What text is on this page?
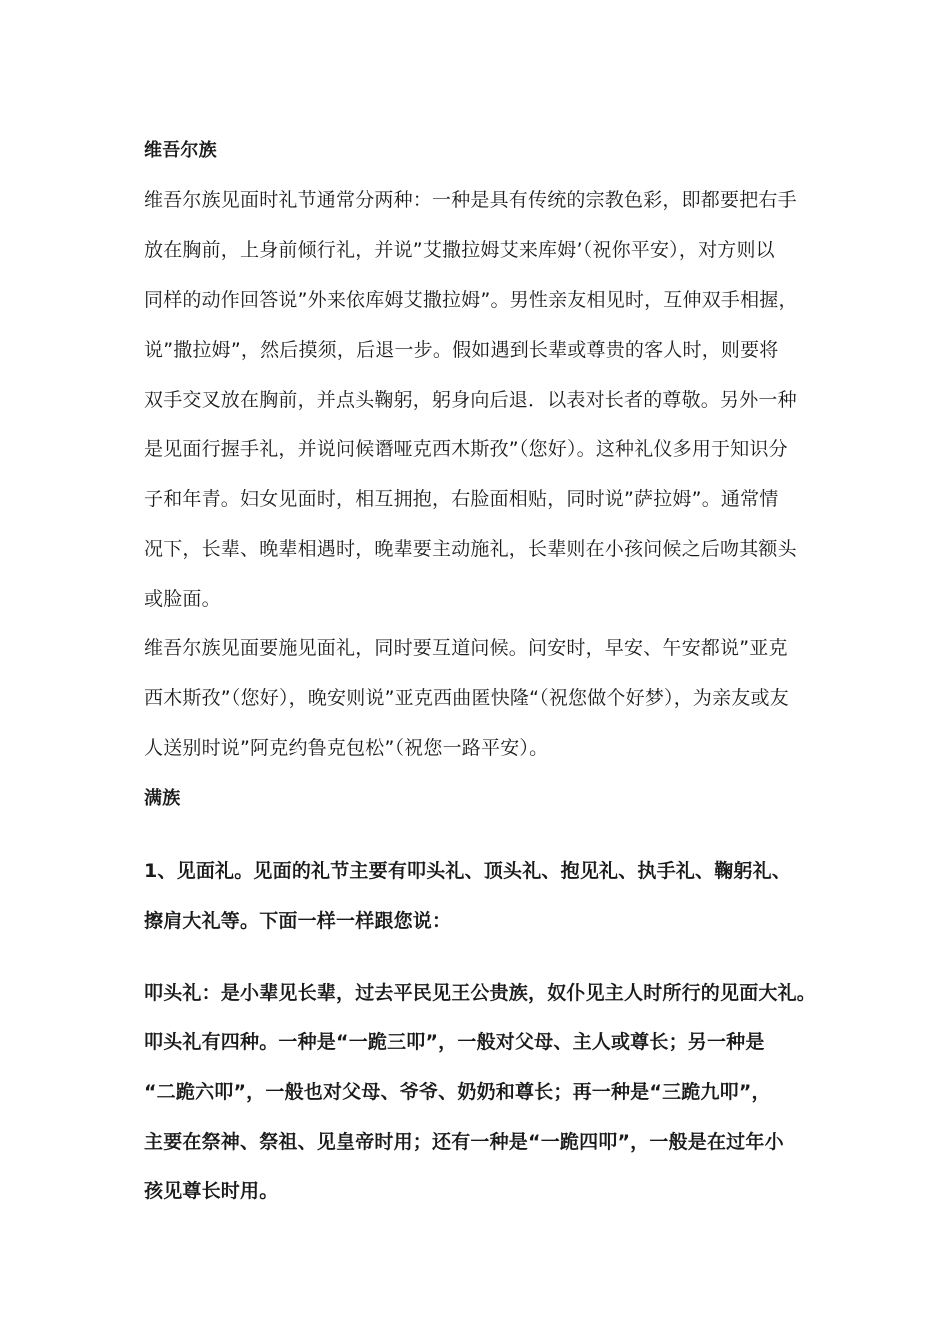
维吾尔族
维吾尔族见面时礼节通常分两种：一种是具有传统的宗教色彩，即都要把右手
放在胸前，上身前倾行礼，并说”艾撒拉姆艾来库姆’（祝你平安），对方则以
同样的动作回答说”外来依库姆艾撒拉姆”。男性亲友相见时，互伸双手相握，
说”撒拉姆”，然后摸须，后退一步。假如遇到长辈或尊贵的客人时，则要将
双手交叉放在胸前，并点头鞠躬，躬身向后退．以表对长者的尊敬。另外一种
是见面行握手礼，并说问候谮哑克西木斯孜”（您好）。这种礼仪多用于知识分
子和年青。妇女见面时，相互拥抱，右脸面相贴，同时说”萨拉姆”。通常情
况下，长辈、晚辈相遇时，晚辈要主动施礼，长辈则在小孩问候之后吻其额头
或脸面。
维吾尔族见面要施见面礼，同时要互道问候。问安时，早安、午安都说”亚克
西木斯孜”（您好），晚安则说”亚克西曲匿快隆“（祝您做个好梦），为亲友或友
人送别时说”阿克约鲁克包松”（祝您一路平安）。
满族
1、见面礼。见面的礼节主要有叩头礼、顶头礼、抱见礼、执手礼、鞠躬礼、
擦肩大礼等。下面一样一样跟您说：
叩头礼：是小辈见长辈，过去平民见王公贵族，奴仆见主人时所行的见面大礼。
叩头礼有四种。一种是“一跪三叩”，一般对父母、主人或尊长；另一种是
“二跪六叩”，一般也对父母、爷爷、奶奶和尊长；再一种是“三跪九叩”，
主要在祭神、祭祖、见皇帝时用；还有一种是“一跪四叩”，一般是在过年小
孩见尊长时用。
